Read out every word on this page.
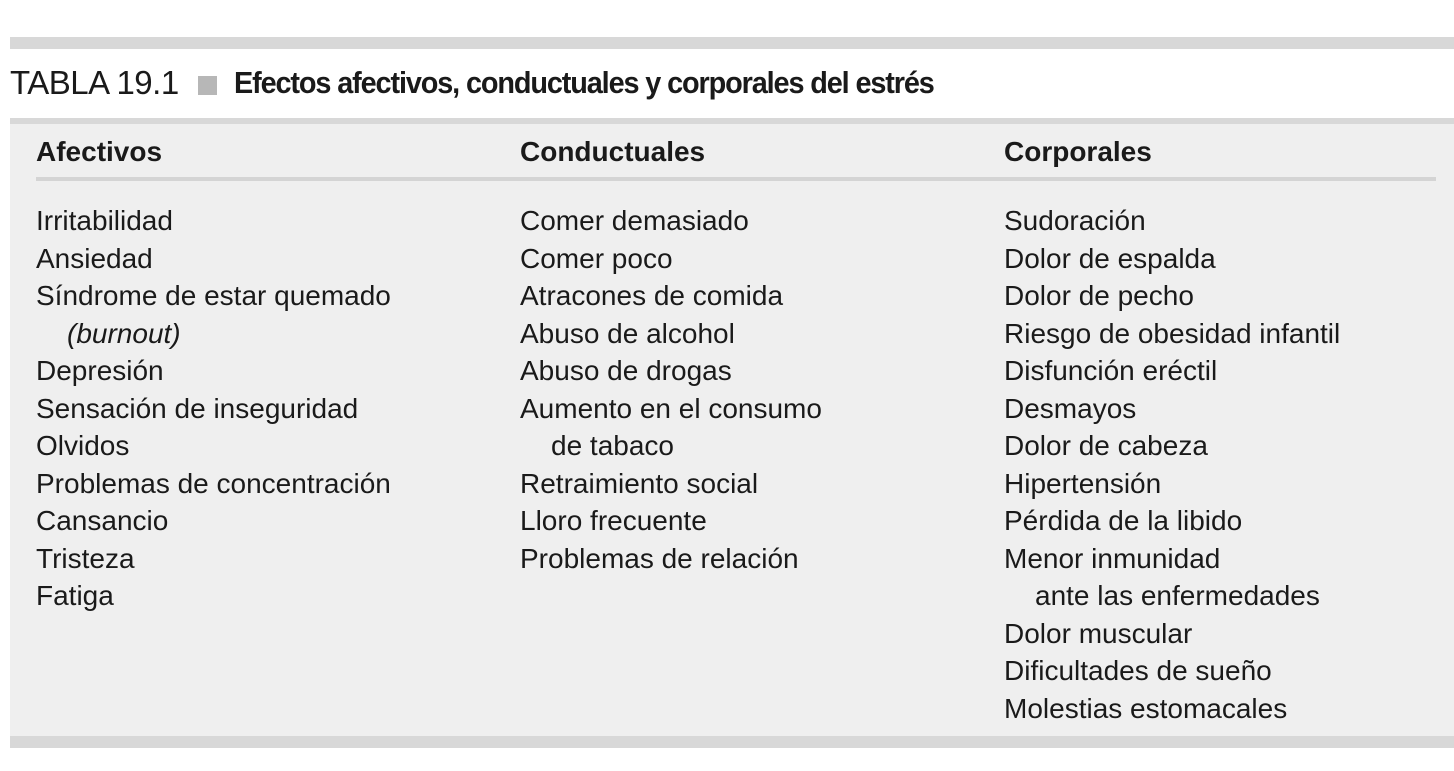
TABLA 19.1 Efectos afectivos, conductuales y corporales del estrés
Afectivos
Irritabilidad
Ansiedad
Síndrome de estar quemado
(burnout)
Depresión
Sensación de inseguridad
Olvidos
Problemas de concentración
Cansancio
Tristeza
Fatiga
Conductuales
Comer demasiado
Comer poco
Atracones de comida
Abuso de alcohol
Abuso de drogas
Aumento en el consumo
de tabaco
Retraimiento social
Lloro frecuente
Problemas de relación
Corporales
Sudoración
Dolor de espalda
Dolor de pecho
Riesgo de obesidad infantil
Disfunción eréctil
Desmayos
Dolor de cabeza
Hipertensión
Pérdida de la libido
Menor inmunidad
ante las enfermedades
Dolor muscular
Dificultades de sueño
Molestias estomacales
